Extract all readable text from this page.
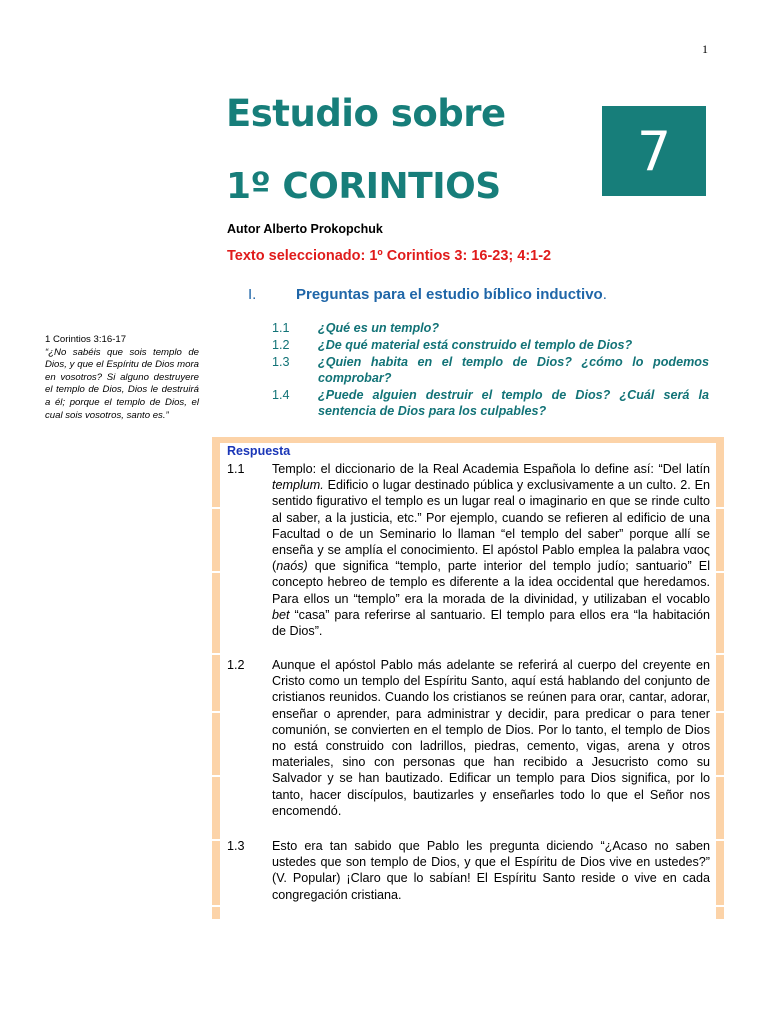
1
Estudio sobre
1º CORINTIOS
7
Autor Alberto Prokopchuk
Texto seleccionado: 1º Corintios 3: 16-23; 4:1-2
I.	Preguntas para el estudio bíblico inductivo.
1.1	¿Qué es un templo?
1.2	¿De qué material está construido el templo de Dios?
1.3	¿Quien habita en el templo de Dios? ¿cómo lo podemos comprobar?
1.4	¿Puede alguien destruir el templo de Dios? ¿Cuál será la sentencia de Dios para los culpables?
1 Corintios 3:16-17
“¿No sabéis que sois templo de Dios, y que el Espíritu de Dios mora en vosotros? Si alguno destruyere el templo de Dios, Dios le destruirá a él; porque el templo de Dios, el cual sois vosotros, santo es.”
Respuesta
1.1	Templo: el diccionario de la Real Academia Española lo define así: “Del latín templum. Edificio o lugar destinado pública y exclusivamente a un culto. 2. En sentido figurativo el templo es un lugar real o imaginario en que se rinde culto al saber, a la justicia, etc.” Por ejemplo, cuando se refieren al edificio de una Facultad o de un Seminario lo llaman “el templo del saber” porque allí se enseña y se amplía el conocimiento. El apóstol Pablo emplea la palabra ναος (naós) que significa “templo, parte interior del templo judío; santuario” El concepto hebreo de templo es diferente a la idea occidental que heredamos. Para ellos un “templo” era la morada de la divinidad, y utilizaban el vocablo bet “casa” para referirse al santuario. El templo para ellos era “la habitación de Dios”.
1.2	Aunque el apóstol Pablo más adelante se referirá al cuerpo del creyente en Cristo como un templo del Espíritu Santo, aquí está hablando del conjunto de cristianos reunidos. Cuando los cristianos se reúnen para orar, cantar, adorar, enseñar o aprender, para administrar y decidir, para predicar o para tener comunión, se convierten en el templo de Dios. Por lo tanto, el templo de Dios no está construido con ladrillos, piedras, cemento, vigas, arena y otros materiales, sino con personas que han recibido a Jesucristo como su Salvador y se han bautizado. Edificar un templo para Dios significa, por lo tanto, hacer discípulos, bautizarles y enseñarles todo lo que el Señor nos encomendó.
1.3	Esto era tan sabido que Pablo les pregunta diciendo “¿Acaso no saben ustedes que son templo de Dios, y que el Espíritu de Dios vive en ustedes?” (V. Popular) ¡Claro que lo sabían! El Espíritu Santo reside o vive en cada congregación cristiana.
